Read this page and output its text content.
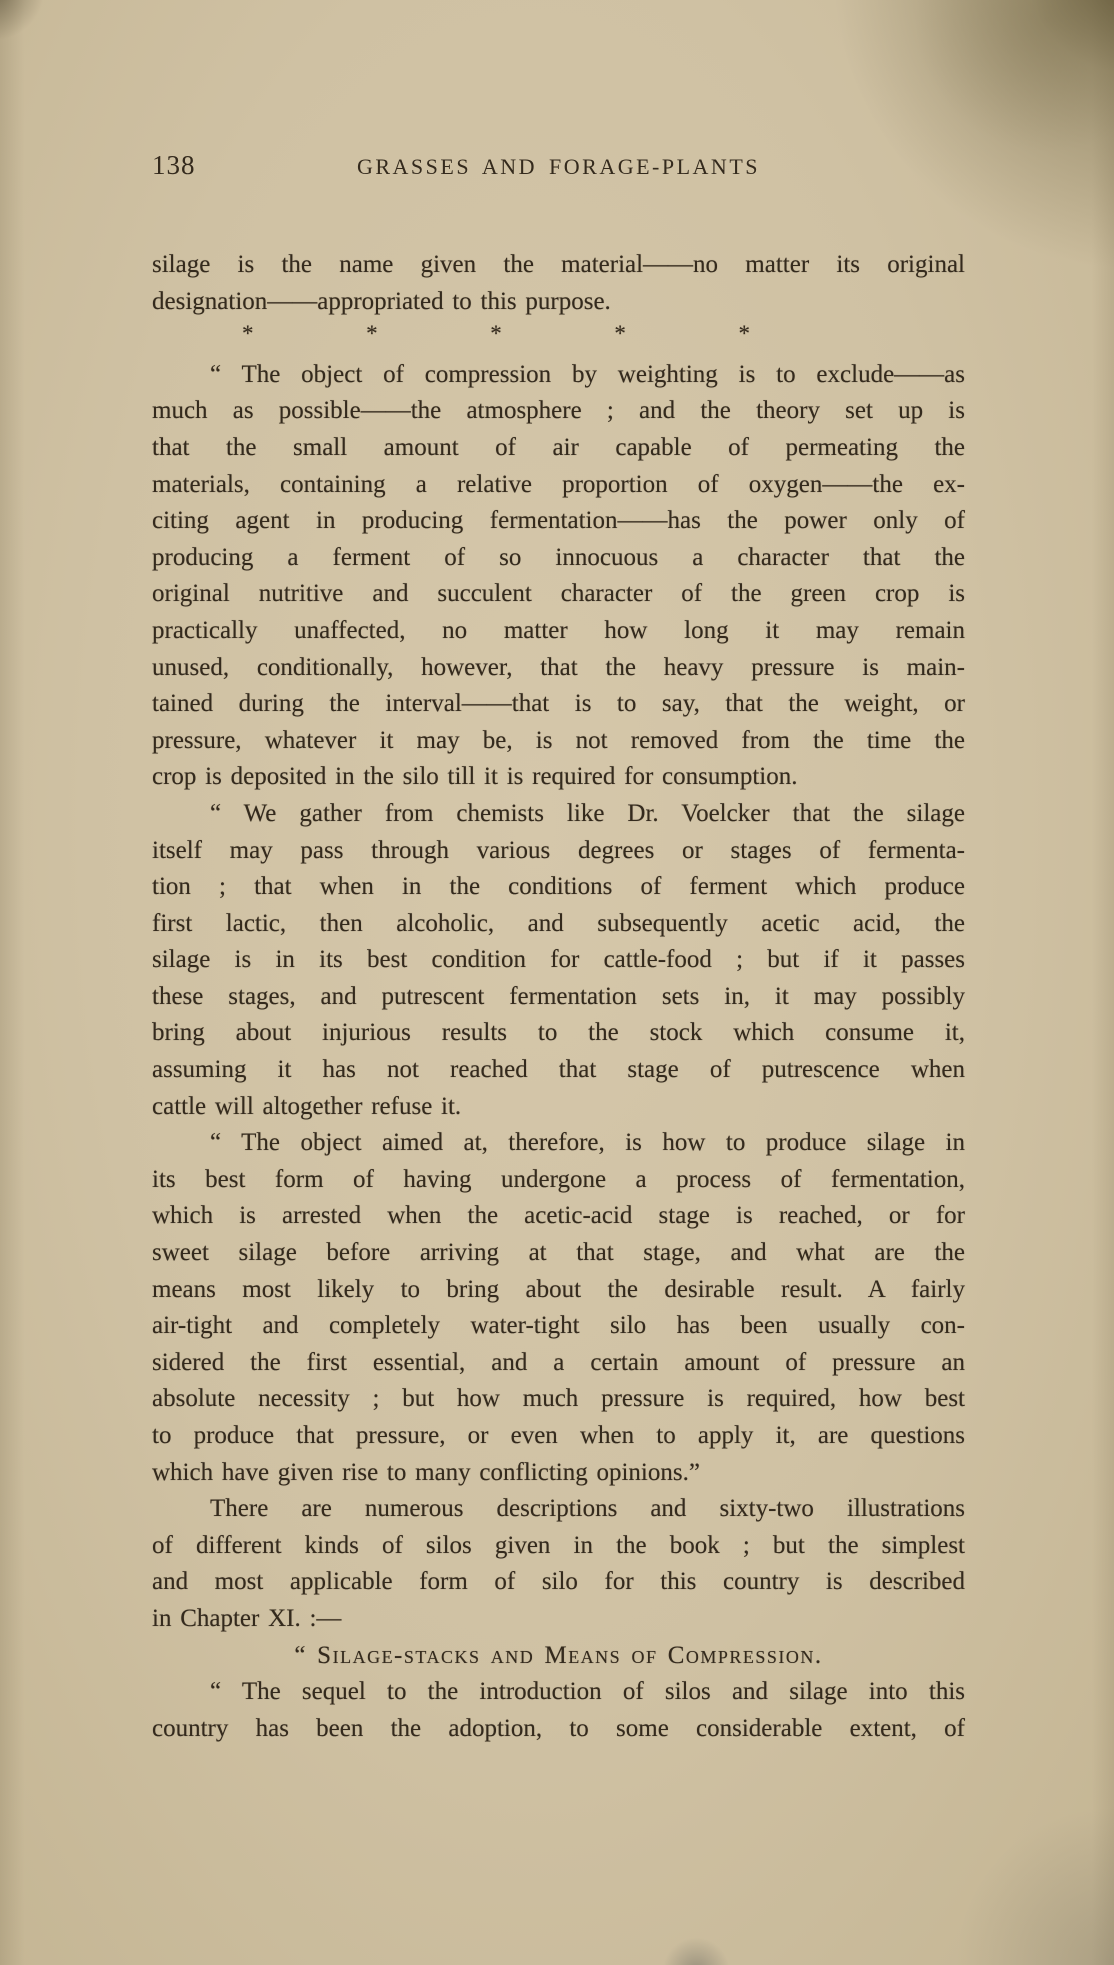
138	GRASSES AND FORAGE-PLANTS
silage is the name given the material——no matter its original
designation——appropriated to this purpose.
*	*	*	*	*
“ The object of compression by weighting is to exclude——as
much as possible——the atmosphere ; and the theory set up is
that the small amount of air capable of permeating the
materials, containing a relative proportion of oxygen——the ex-
citing agent in producing fermentation——has the power only of
producing a ferment of so innocuous a character that the
original nutritive and succulent character of the green crop is
practically unaffected, no matter how long it may remain
unused, conditionally, however, that the heavy pressure is main-
tained during the interval——that is to say, that the weight, or
pressure, whatever it may be, is not removed from the time the
crop is deposited in the silo till it is required for consumption.
“ We gather from chemists like Dr. Voelcker that the silage
itself may pass through various degrees or stages of fermenta-
tion ; that when in the conditions of ferment which produce
first lactic, then alcoholic, and subsequently acetic acid, the
silage is in its best condition for cattle-food ; but if it passes
these stages, and putrescent fermentation sets in, it may possibly
bring about injurious results to the stock which consume it,
assuming it has not reached that stage of putrescence when
cattle will altogether refuse it.
“ The object aimed at, therefore, is how to produce silage in
its best form of having undergone a process of fermentation,
which is arrested when the acetic-acid stage is reached, or for
sweet silage before arriving at that stage, and what are the
means most likely to bring about the desirable result. A fairly
air-tight and completely water-tight silo has been usually con-
sidered the first essential, and a certain amount of pressure an
absolute necessity ; but how much pressure is required, how best
to produce that pressure, or even when to apply it, are questions
which have given rise to many conflicting opinions.”
There are numerous descriptions and sixty-two illustrations
of different kinds of silos given in the book ; but the simplest
and most applicable form of silo for this country is described
in Chapter XI. :—
“ Silage-stacks and Means of Compression.
“ The sequel to the introduction of silos and silage into this
country has been the adoption, to some considerable extent, of
